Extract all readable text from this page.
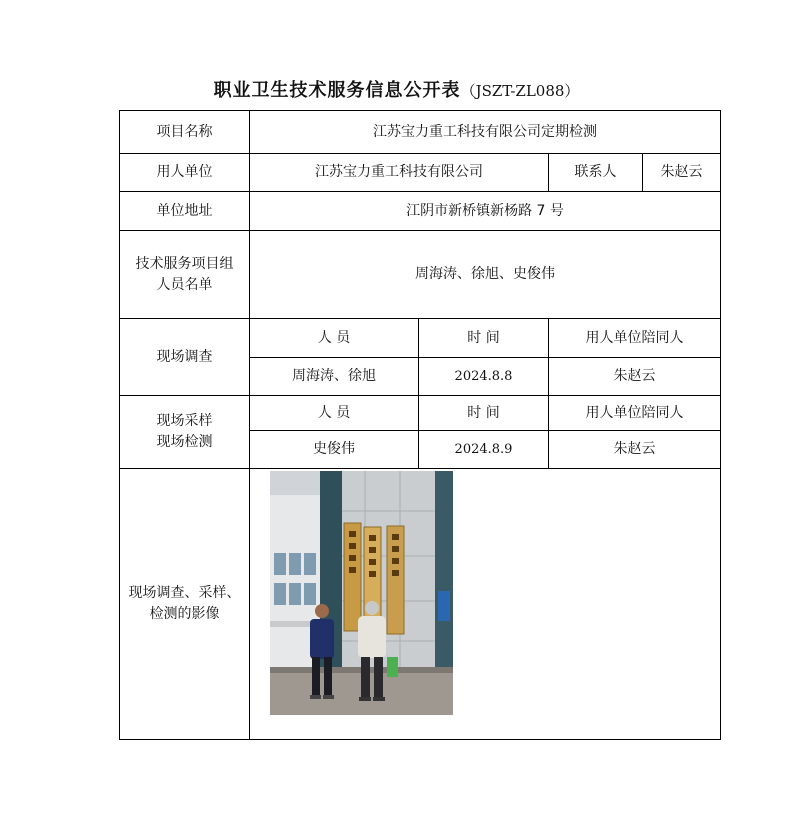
职业卫生技术服务信息公开表（JSZT-ZL088）
项目名称	江苏宝力重工科技有限公司定期检测			
用人单位	江苏宝力重工科技有限公司		联系人	朱赵云
单位地址	江阴市新桥镇新杨路 7 号			

技术服务项目组
人员名单	周海涛、徐旭、史俊伟			
现场调查	人 员	时 间	用人单位陪同人	
	周海涛、徐旭	2024.8.8	朱赵云	

现场采样
现场检测	人 员	时 间	用人单位陪同人	
	史俊伟	2024.8.9	朱赵云	

现场调查、采样、
检测的影像
